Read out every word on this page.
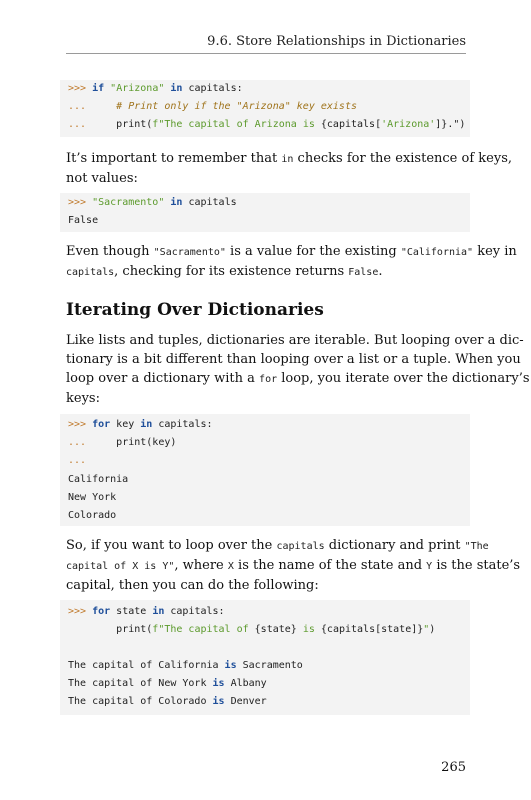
9.6. Store Relationships in Dictionaries
>>> if "Arizona" in capitals:
...	# Print only if the "Arizona" key exists
...	print(f"The capital of Arizona is {capitals['Arizona']}.")
It’s important to remember that in checks for the existence of keys,
not values:
>>> "Sacramento" in capitals
False
Even though "Sacramento" is a value for the existing "California" key in
capitals, checking for its existence returns False.
Iterating Over Dictionaries
Like lists and tuples, dictionaries are iterable. But looping over a dic-
tionary is a bit different than looping over a list or a tuple. When you
loop over a dictionary with a for loop, you iterate over the dictionary’s
keys:
>>> for key in capitals:
...	print(key)
...
California
New York
Colorado
So, if you want to loop over the capitals dictionary and print "The
capital of X is Y", where X is the name of the state and Y is the state’s
capital, then you can do the following:
>>> for state in capitals:
print(f"The capital of {state} is {capitals[state]}")
The capital of California is Sacramento
The capital of New York is Albany
The capital of Colorado is Denver
265
